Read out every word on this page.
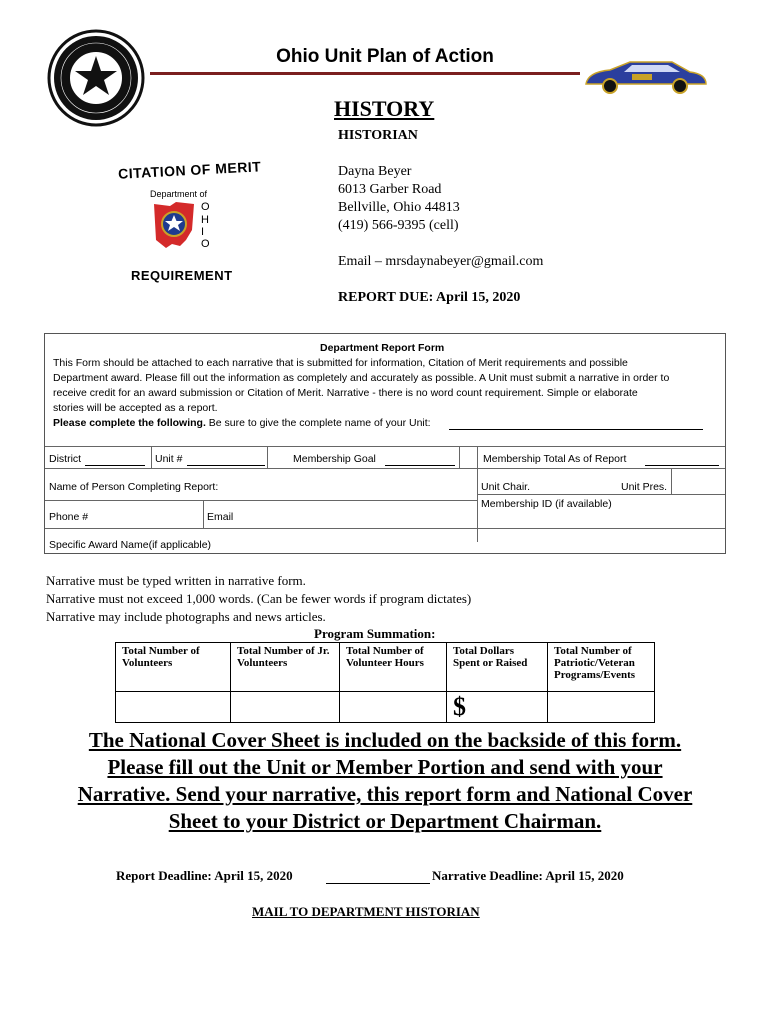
Ohio Unit Plan of Action
HISTORY
HISTORIAN
Dayna Beyer
6013 Garber Road
Bellville, Ohio 44813
(419) 566-9395 (cell)
Email – mrsdaynabeyer@gmail.com
REPORT DUE: April 15, 2020
CITATION OF MERIT
Department of
O
H
I
O
REQUIREMENT
Department Report Form
This Form should be attached to each narrative that is submitted for information, Citation of Merit requirements and possible
Department award. Please fill out the information as completely and accurately as possible. A Unit must submit a narrative in order to
receive credit for an award submission or Citation of Merit. Narrative - there is no word count requirement. Simple or elaborate
stories will be accepted as a report.
Please complete the following. Be sure to give the complete name of your Unit:
District	Unit #	Membership Goal	Membership Total As of Report
Name of Person Completing Report:	Unit Chair.	Unit Pres.
Membership ID (if available)
Phone #	Email
Specific Award Name(if applicable)
Narrative must be typed written in narrative form.
Narrative must not exceed 1,000 words. (Can be fewer words if program dictates)
Narrative may include photographs and news articles.
Program Summation:
Total Number of Volunteers	Total Number of Jr. Volunteers	Total Number of Volunteer Hours	Total Dollars Spent or Raised	Total Number of Patriotic/Veteran Programs/Events
			$	
The National Cover Sheet is included on the backside of this form.
Please fill out the Unit or Member Portion and send with your
Narrative. Send your narrative, this report form and National Cover
Sheet to your District or Department Chairman.
Report Deadline: April 15, 2020	Narrative Deadline: April 15, 2020
MAIL TO DEPARTMENT HISTORIAN
